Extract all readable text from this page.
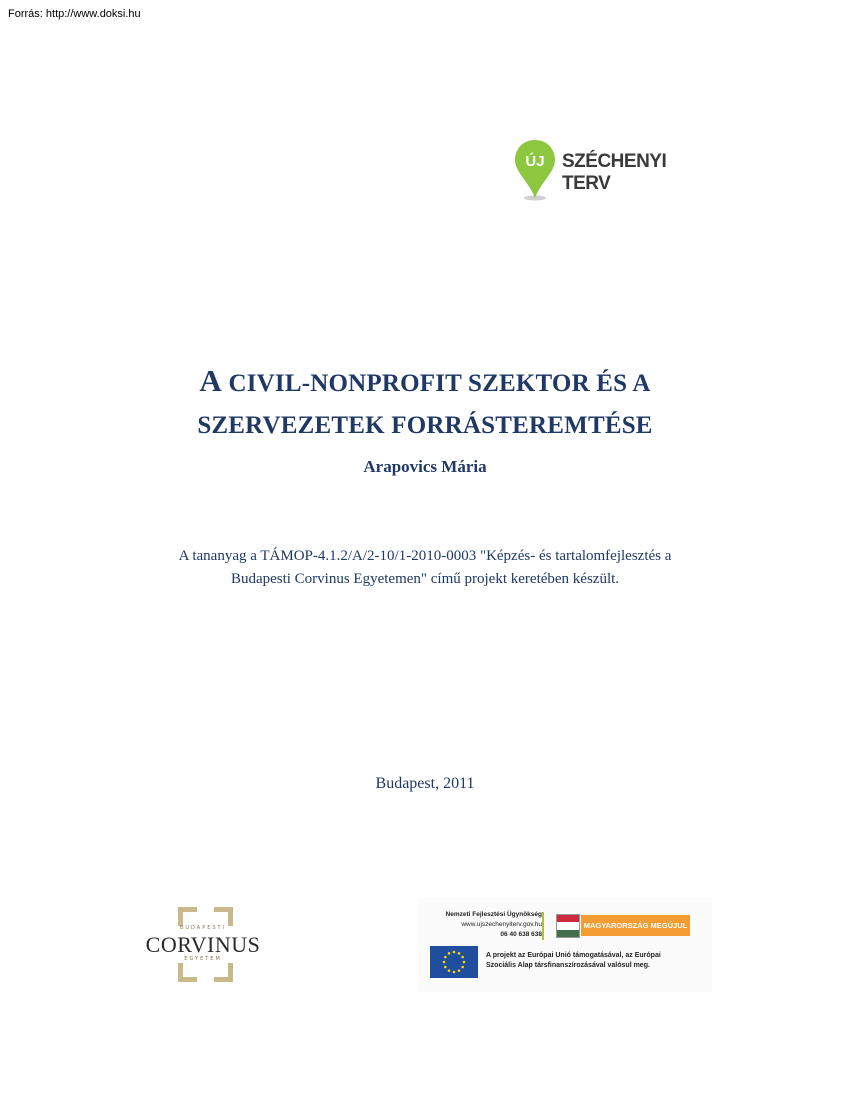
Forrás: http://www.doksi.hu
ÚJ SZÉCHENYI TERV
A CIVIL-NONPROFIT SZEKTOR ÉS A
SZERVEZETEK FORRÁSTEREMTÉSE
Arapovics Mária
A tananyag a TÁMOP-4.1.2/A/2-10/1-2010-0003 "Képzés- és tartalomfejlesztés a
Budapesti Corvinus Egyetemen" című projekt keretében készült.
Budapest, 2011
BUDAPESTI
CORVINUS
EGYETEM
Nemzeti Fejlesztési Ügynökség
www.ujszechenyiterv.gov.hu
06 40 638 638
MAGYARORSZÁG MEGÚJUL
A projekt az Európai Unió támogatásával, az Európai
Szociális Alap társfinanszírozásával valósul meg.
